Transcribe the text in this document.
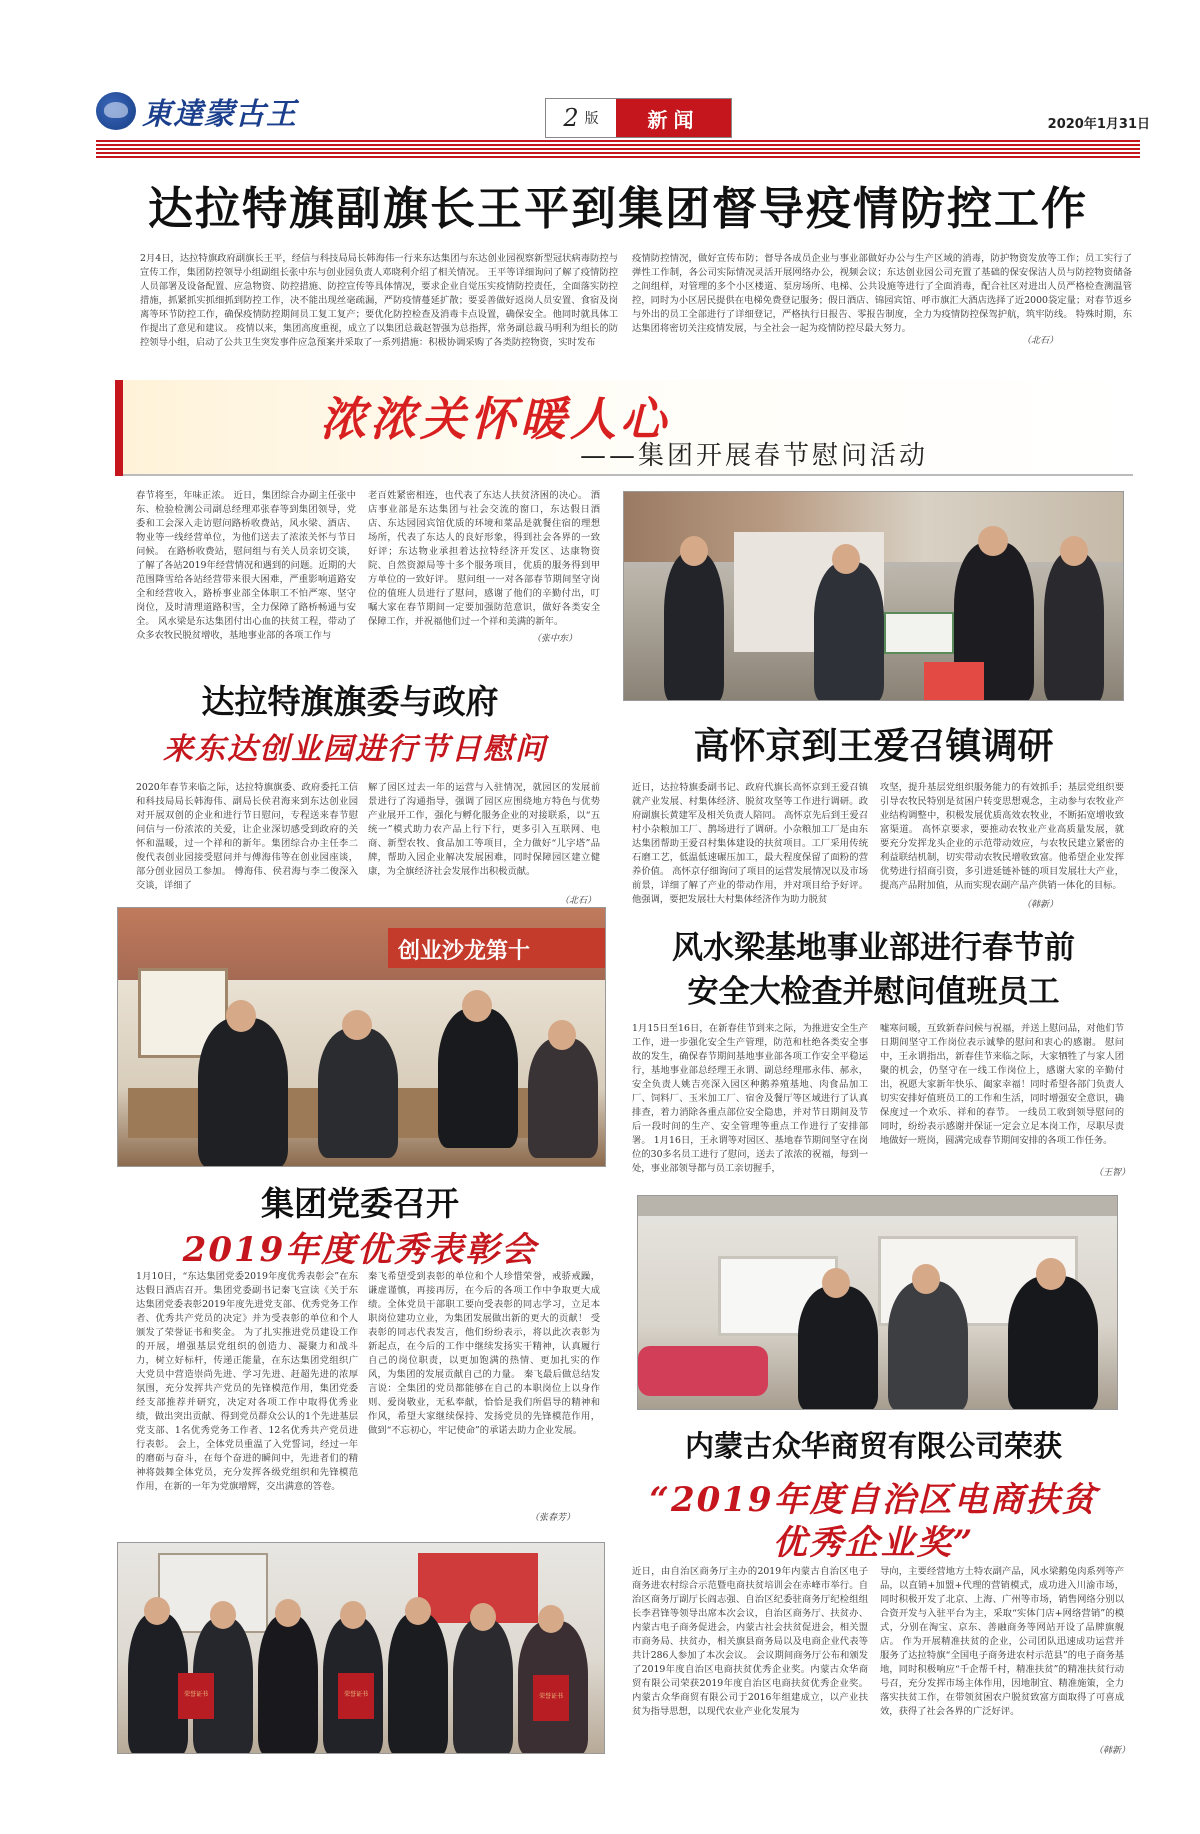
東達蒙古王	2 版	新闻	2020年1月31日
达拉特旗副旗长王平到集团督导疫情防控工作
2月4日，达拉特旗政府副旗长王平，经信与科技局局长韩海伟一行来东达集团与东达创业园视察新型冠状病毒防控与宣传工作，集团防控领导小组副组长张中东与创业园负责人邓晓利介绍了相关情况。 王平等详细询问了解了疫情防控人员部署及设备配置、应急物资、防控措施、防控宣传等具体情况，要求企业自觉压实疫情防控责任，全面落实防控措施，抓紧抓实抓细抓到防控工作，决不能出现丝毫疏漏，严防疫情蔓延扩散；要妥善做好返岗人员安置、食宿及岗离等环节防控工作，确保疫情防控期间员工复工复产；要优化防控检查及消毒卡点设置，确保安全。他同时就具体工作提出了意见和建议。 疫情以来，集团高度重视，成立了以集团总裁赵智强为总指挥，常务副总裁马明利为组长的防控领导小组，启动了公共卫生突发事件应急预案并采取了一系列措施：积极协调采购了各类防控物资，实时发布
疫情防控情况，做好宣传布防；督导各成员企业与事业部做好办公与生产区域的消毒，防护物资发放等工作；员工实行了弹性工作制，各公司实际情况灵活开展网络办公，视频会议；东达创业园公司充置了基础的保安保洁人员与防控物资储备之间组样，对管理的多个小区楼道、泵房场所、电梯、公共设施等进行了全面消毒，配合社区对进出人员严格检查测温管控，同时为小区居民提供在电梯免费登记服务；假日酒店、锦园宾馆、呼市旗汇大酒店选择了近2000袋定量；对春节返乡与外出的员工全部进行了详细登记，严格执行日报告、零报告制度，全力为疫情防控保驾护航，筑牢防线。 特殊时期，东达集团将密切关注疫情发展，与全社会一起为疫情防控尽最大努力。
（北石）
浓浓关怀暖人心
——集团开展春节慰问活动
春节将至，年味正浓。 近日，集团综合办副主任张中东、检验检测公司副总经理邓张春等到集团领导，党委和工会深入走访慰问路桥收费站，风水梁、酒店、物业等一线经营单位，为他们送去了浓浓关怀与节日问候。 在路桥收费站，慰问组与有关人员亲切交谈，了解了各站2019年经营情况和遇到的问题。近期的大范围降雪给各站经营带来很大困难，严重影响道路安全和经营收入，路桥事业部全体职工不怕严寒、坚守岗位，及时清理道路积雪，全力保障了路桥畅通与安全。 风水梁是东达集团付出心血的扶贫工程，带动了众多农牧民脱贫增收，基地事业部的各项工作与
老百姓紧密相连，也代表了东达人扶贫济困的决心。 酒店事业部是东达集团与社会交流的窗口，东达假日酒店、东达园园宾馆优质的环境和菜品是就餐住宿的理想场所，代表了东达人的良好形象，得到社会各界的一致好评；东达物业承担着达拉特经济开发区、达康物资院、自然资源局等十多个服务项目，优质的服务得到甲方单位的一致好评。 慰问组一一对各部春节期间坚守岗位的值班人员进行了慰问，感谢了他们的辛勤付出，叮嘱大家在春节期间一定要加强防范意识，做好各类安全保障工作，并祝福他们过一个祥和美满的新年。
（张中东）
达拉特旗旗委与政府
来东达创业园进行节日慰问
2020年春节来临之际，达拉特旗旗委、政府委托工信和科技局局长韩海伟、副局长侯君海来到东达创业园对开展双创的企业和进行节日慰问，专程送来春节慰问信与一份浓浓的关爱，让企业深切感受到政府的关怀和温暖，过一个祥和的新年。集团综合办主任李二俊代表创业园接受慰问并与傅海伟等在创业园座谈，部分创业园员工参加。 傅海伟、侯君海与李二俊深入交谈，详细了
解了园区过去一年的运营与入驻情况，就园区的发展前景进行了沟通指导，强调了园区应围绕地方特色与优势产业展开工作，强化与孵化服务企业的对接联系，以“五统一”模式助力农产品上行下行，更多引入互联网、电商、新型农牧、食品加工等项目，全力做好“儿字塔”品牌，帮助入园企业解决发展困难，同时保障园区建立健康，为全旗经济社会发展作出积极贡献。
（北石）
高怀京到王爱召镇调研
近日，达拉特旗委副书记、政府代旗长高怀京到王爱召镇就产业发展、村集体经济、脱贫攻坚等工作进行调研。政府副旗长黄建军及相关负责人陪同。 高怀京先后到王爱召村小杂粮加工厂、鹊场进行了调研。小杂粮加工厂是由东达集团帮助王爱召村集体建设的扶贫项目。工厂采用传统石磨工艺，低温低速碾压加工，最大程度保留了面粉的营养价值。 高怀京仔细询问了项目的运营发展情况以及市场前景，详细了解了产业的带动作用，并对项目给予好评。他强调，要把发展壮大村集体经济作为助力脱贫
攻坚，提升基层党组织服务能力的有效抓手；基层党组织要引导农牧民特别是贫困户转变思想观念，主动参与农牧业产业结构调整中，积极发展优质高效农牧业，不断拓宽增收致富渠道。 高怀京要求，要推动农牧业产业高质量发展，就要充分发挥龙头企业的示范带动效应，与农牧民建立紧密的利益联结机制，切实带动农牧民增收致富。他希望企业发挥优势进行招商引资，多引进延链补链的项目发展壮大产业，提高产品附加值，从而实现农副产品产供销一体化的目标。
（韩新）
创业沙龙第十	风水梁基地事业部进行春节前
安全大检查并慰问值班员工
1月15日至16日，在新春佳节到来之际，为推进安全生产工作，进一步强化安全生产管理，防范和杜绝各类安全事故的发生，确保春节期间基地事业部各项工作安全平稳运行，基地事业部总经理王永谓、副总经理邢永伟、郝永，安全负责人姚吉亮深入园区种鹅养殖基地、肉食品加工厂、饲料厂、玉米加工厂、宿舍及餐厅等区域进行了认真排查，着力消除各重点部位安全隐患，并对节日期间及节后一段时间的生产、安全管理等重点工作进行了安排部署。 1月16日，王永谓等对园区、基地春节期间坚守在岗位的30多名员工进行了慰问，送去了浓浓的祝福，每到一处，事业部领导都与员工亲切握手，
嘘寒问暖，互致新春问候与祝福，并送上慰问品，对他们节日期间坚守工作岗位表示诚挚的慰问和衷心的感谢。 慰问中，王永谓指出，新春佳节来临之际，大家牺牲了与家人团聚的机会，仍坚守在一线工作岗位上，感谢大家的辛勤付出，祝愿大家新年快乐、阖家幸福！同时希望各部门负责人切实安排好值班员工的工作和生活，同时增强安全意识，确保度过一个欢乐、祥和的春节。 一线员工收到领导慰问的同时，纷纷表示感谢并保证一定会立足本岗工作，尽职尽责地做好一班岗，圆满完成春节期间安排的各项工作任务。
（王智）
集团党委召开
2019年度优秀表彰会
1月10日，“东达集团党委2019年度优秀表彰会”在东达假日酒店召开。集团党委副书记秦飞宣读《关于东达集团党委表彰2019年度先进党支部、优秀党务工作者、优秀共产党员的决定》并为受表彰的单位和个人颁发了荣誉证书和奖金。 为了扎实推进党员建设工作的开展，增强基层党组织的创造力、凝聚力和战斗力，树立好标杆，传递正能量，在东达集团党组织广大党员中营造崇尚先进、学习先进、赶超先进的浓厚氛围，充分发挥共产党员的先锋模范作用，集团党委经支部推荐并研究，决定对各项工作中取得优秀业绩，做出突出贡献、得到党员群众公认的1个先进基层党支部、1名优秀党务工作者、12名优秀共产党员进行表彰。 会上，全体党员重温了入党誓词，经过一年的磨砺与奋斗，在每个奋进的瞬间中，先进者们的精神将鼓舞全体党员，充分发挥各级党组织和先锋模范作用，在新的一年为党旗增辉，交出满意的答卷。
秦飞希望受到表彰的单位和个人珍惜荣誉，戒骄戒躁，谦虚谨慎，再接再厉，在今后的各项工作中争取更大成绩。全体党员干部职工要向受表彰的同志学习，立足本职岗位建功立业，为集团发展做出新的更大的贡献！ 受表彰的同志代表发言，他们纷纷表示，将以此次表彰为新起点，在今后的工作中继续发扬实干精神，认真履行自己的岗位职责，以更加饱满的热情、更加扎实的作风，为集团的发展贡献自己的力量。 秦飞最后做总结发言说：全集团的党员都能够在自己的本职岗位上以身作则、爱岗敬业，无私奉献，恰恰是我们所倡导的精神和作风，希望大家继续保持、发扬党员的先锋模范作用，做到“不忘初心，牢记使命”的承诺去助力企业发展。
（张春芳）
内蒙古众华商贸有限公司荣获
“2019年度自治区电商扶贫
优秀企业奖”
近日，由自治区商务厅主办的2019年内蒙古自治区电子商务进农村综合示范暨电商扶贫培训会在赤峰市举行。自治区商务厅副厅长阎志强、自治区纪委驻商务厅纪检组组长李君锋等领导出席本次会议，自治区商务厅、扶贫办、内蒙古电子商务促进会，内蒙古社会扶贫促进会，相关盟市商务局、扶贫办，相关旗县商务局以及电商企业代表等共计286人参加了本次会议。 会议期间商务厅公布和颁发了2019年度自治区电商扶贫优秀企业奖。内蒙古众华商贸有限公司荣获2019年度自治区电商扶贫优秀企业奖。 内蒙古众华商贸有限公司于2016年组建成立，以产业扶贫为指导思想，以现代农业产业化发展为
导向，主要经营地方土特农副产品，风水梁鹅兔肉系列等产品，以直销+加盟+代理的营销模式，成功进入川渝市场，同时积极开发了北京、上海、广州等市场，销售网络分别以合资开发与入驻平台为主，采取“实体门店+网络营销”的模式，分别在淘宝、京东、善融商务等网站开设了品牌旗舰店。 作为开展精准扶贫的企业，公司团队迅速成功运营并服务了达拉特旗“全国电子商务进农村示范县”的电子商务基地，同时积极响应“千企帮千村，精准扶贫”的精准扶贫行动号召，充分发挥市场主体作用，因地制宜、精准施策，全力落实扶贫工作，在带领贫困农户脱贫致富方面取得了可喜成效，获得了社会各界的广泛好评。
（韩新）
荣誉证书	荣誉证书	荣誉证书
